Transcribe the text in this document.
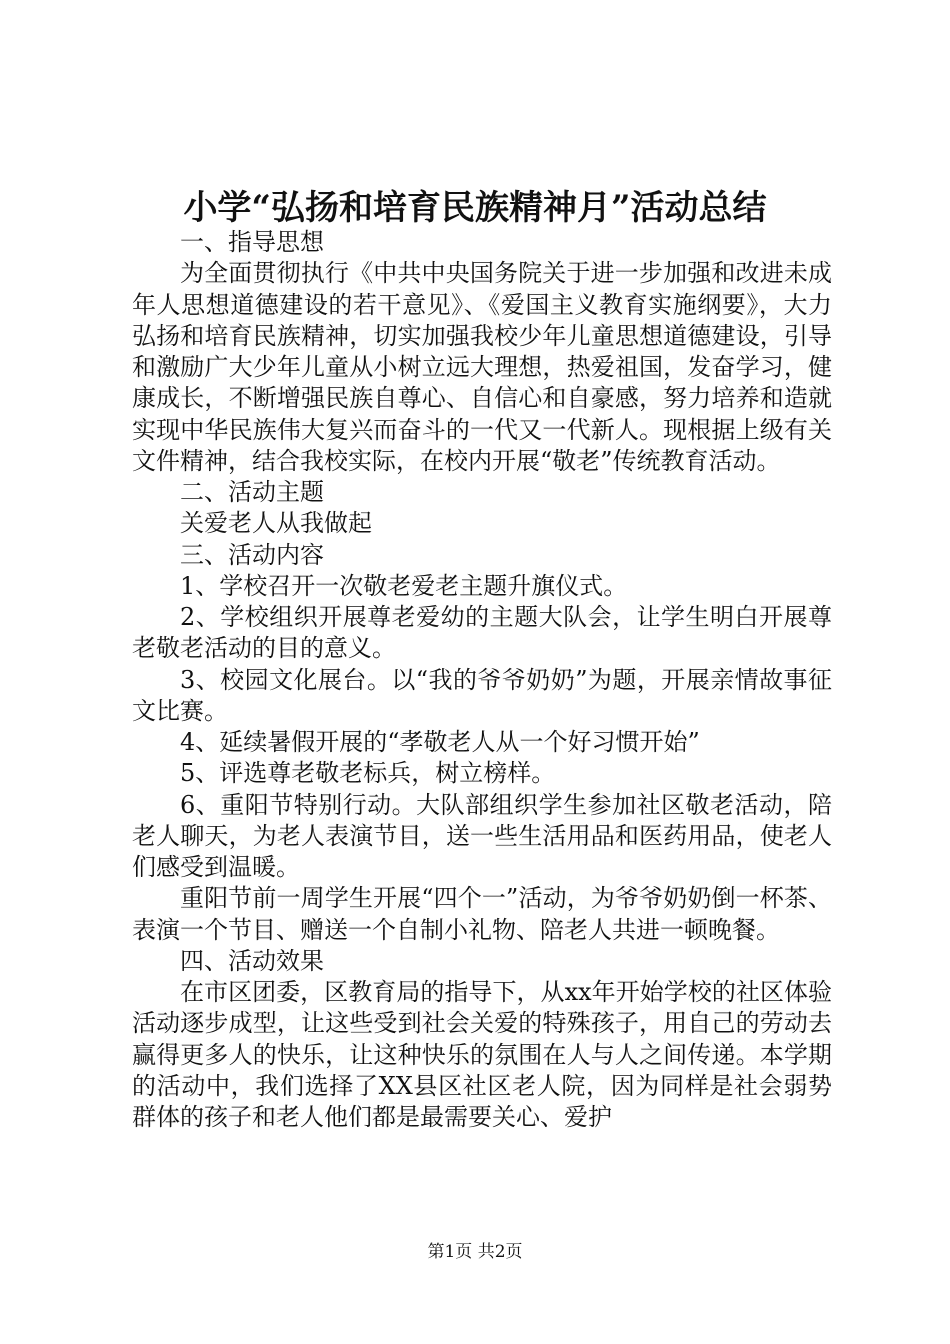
小学“弘扬和培育民族精神月”活动总结

一、指导思想

为全面贯彻执行《中共中央国务院关于进一步加强和改进未成年人思想道德建设的若干意见》、《爱国主义教育实施纲要》，大力弘扬和培育民族精神，切实加强我校少年儿童思想道德建设，引导和激励广大少年儿童从小树立远大理想，热爱祖国，发奋学习，健康成长，不断增强民族自尊心、自信心和自豪感，努力培养和造就实现中华民族伟大复兴而奋斗的一代又一代新人。现根据上级有关文件精神，结合我校实际，在校内开展“敬老”传统教育活动。

二、活动主题

关爱老人从我做起

三、活动内容

1、学校召开一次敬老爱老主题升旗仪式。

2、学校组织开展尊老爱幼的主题大队会，让学生明白开展尊老敬老活动的目的意义。

3、校园文化展台。以“我的爷爷奶奶”为题，开展亲情故事征文比赛。

4、延续暑假开展的“孝敬老人从一个好习惯开始”

5、评选尊老敬老标兵，树立榜样。

6、重阳节特别行动。大队部组织学生参加社区敬老活动，陪老人聊天，为老人表演节目，送一些生活用品和医药用品，使老人们感受到温暖。

重阳节前一周学生开展“四个一”活动，为爷爷奶奶倒一杯茶、表演一个节目、赠送一个自制小礼物、陪老人共进一顿晚餐。

四、活动效果

在市区团委，区教育局的指导下，从xx年开始学校的社区体验活动逐步成型，让这些受到社会关爱的特殊孩子，用自己的劳动去赢得更多人的快乐，让这种快乐的氛围在人与人之间传递。本学期的活动中，我们选择了XX县区社区老人院，因为同样是社会弱势群体的孩子和老人他们都是最需要关心、爱护

第1页 共2页
